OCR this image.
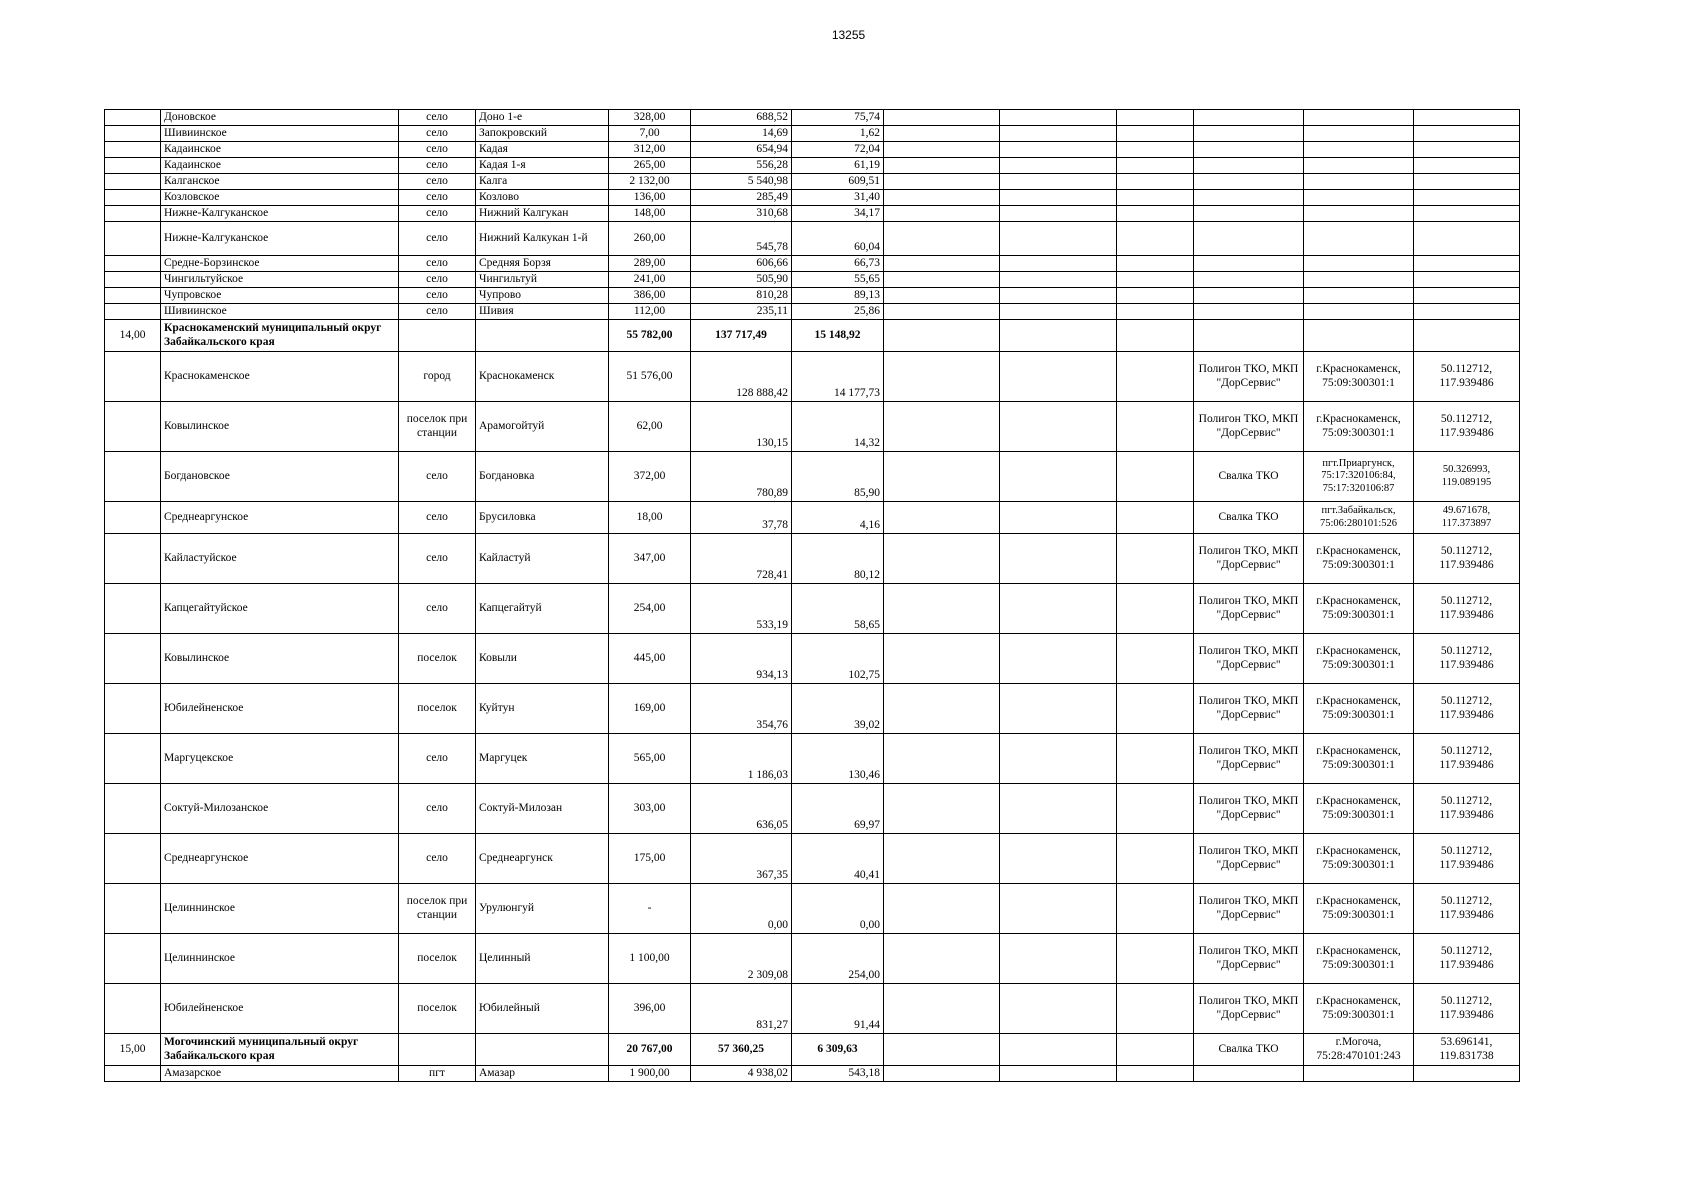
13255
	Доновское	село	Доно 1-е	328,00	688,52	75,74						
	Шивиинское	село	Запокровский	7,00	14,69	1,62						
	Кадаинское	село	Кадая	312,00	654,94	72,04						
	Кадаинское	село	Кадая 1-я	265,00	556,28	61,19						
	Калганское	село	Калга	2 132,00	5 540,98	609,51						
	Козловское	село	Козлово	136,00	285,49	31,40						
	Нижне-Калгуканское	село	Нижний Калгукан	148,00	310,68	34,17						
	Нижне-Калгуканское	село	Нижний Калкукан 1-й	260,00	545,78	60,04						
	Средне-Борзинское	село	Средняя Борзя	289,00	606,66	66,73						
	Чингильтуйское	село	Чингильтуй	241,00	505,90	55,65						
	Чупровское	село	Чупрово	386,00	810,28	89,13						
	Шивиинское	село	Шивия	112,00	235,11	25,86						
14,00	Краснокаменский муниципальный округ Забайкальского края			55 782,00	137 717,49	15 148,92						
	Краснокаменское	город	Краснокаменск	51 576,00	128 888,42	14 177,73				Полигон ТКО, МКП "ДорСервис"	г.Краснокаменск, 75:09:300301:1	50.112712, 117.939486
	Ковылинское	поселок при станции	Арамогойтуй	62,00	130,15	14,32				Полигон ТКО, МКП "ДорСервис"	г.Краснокаменск, 75:09:300301:1	50.112712, 117.939486
	Богдановское	село	Богдановка	372,00	780,89	85,90				Свалка ТКО	пгт.Приаргунск, 75:17:320106:84, 75:17:320106:87	50.326993, 119.089195
	Среднеаргунское	село	Брусиловка	18,00	37,78	4,16				Свалка ТКО	пгт.Забайкальск, 75:06:280101:526	49.671678, 117.373897
	Кайластуйское	село	Кайластуй	347,00	728,41	80,12				Полигон ТКО, МКП "ДорСервис"	г.Краснокаменск, 75:09:300301:1	50.112712, 117.939486
	Капцегайтуйское	село	Капцегайтуй	254,00	533,19	58,65				Полигон ТКО, МКП "ДорСервис"	г.Краснокаменск, 75:09:300301:1	50.112712, 117.939486
	Ковылинское	поселок	Ковыли	445,00	934,13	102,75				Полигон ТКО, МКП "ДорСервис"	г.Краснокаменск, 75:09:300301:1	50.112712, 117.939486
	Юбилейненское	поселок	Куйтун	169,00	354,76	39,02				Полигон ТКО, МКП "ДорСервис"	г.Краснокаменск, 75:09:300301:1	50.112712, 117.939486
	Маргуцекское	село	Маргуцек	565,00	1 186,03	130,46				Полигон ТКО, МКП "ДорСервис"	г.Краснокаменск, 75:09:300301:1	50.112712, 117.939486
	Соктуй-Милозанское	село	Соктуй-Милозан	303,00	636,05	69,97				Полигон ТКО, МКП "ДорСервис"	г.Краснокаменск, 75:09:300301:1	50.112712, 117.939486
	Среднеаргунское	село	Среднеаргунск	175,00	367,35	40,41				Полигон ТКО, МКП "ДорСервис"	г.Краснокаменск, 75:09:300301:1	50.112712, 117.939486
	Целиннинское	поселок при станции	Урулюнгуй	-	0,00	0,00				Полигон ТКО, МКП "ДорСервис"	г.Краснокаменск, 75:09:300301:1	50.112712, 117.939486
	Целиннинское	поселок	Целинный	1 100,00	2 309,08	254,00				Полигон ТКО, МКП "ДорСервис"	г.Краснокаменск, 75:09:300301:1	50.112712, 117.939486
	Юбилейненское	поселок	Юбилейный	396,00	831,27	91,44				Полигон ТКО, МКП "ДорСервис"	г.Краснокаменск, 75:09:300301:1	50.112712, 117.939486
15,00	Могочинский муниципальный округ Забайкальского края			20 767,00	57 360,25	6 309,63				Свалка ТКО	г.Могоча, 75:28:470101:243	53.696141, 119.831738
	Амазарское	пгт	Амазар	1 900,00	4 938,02	543,18						
